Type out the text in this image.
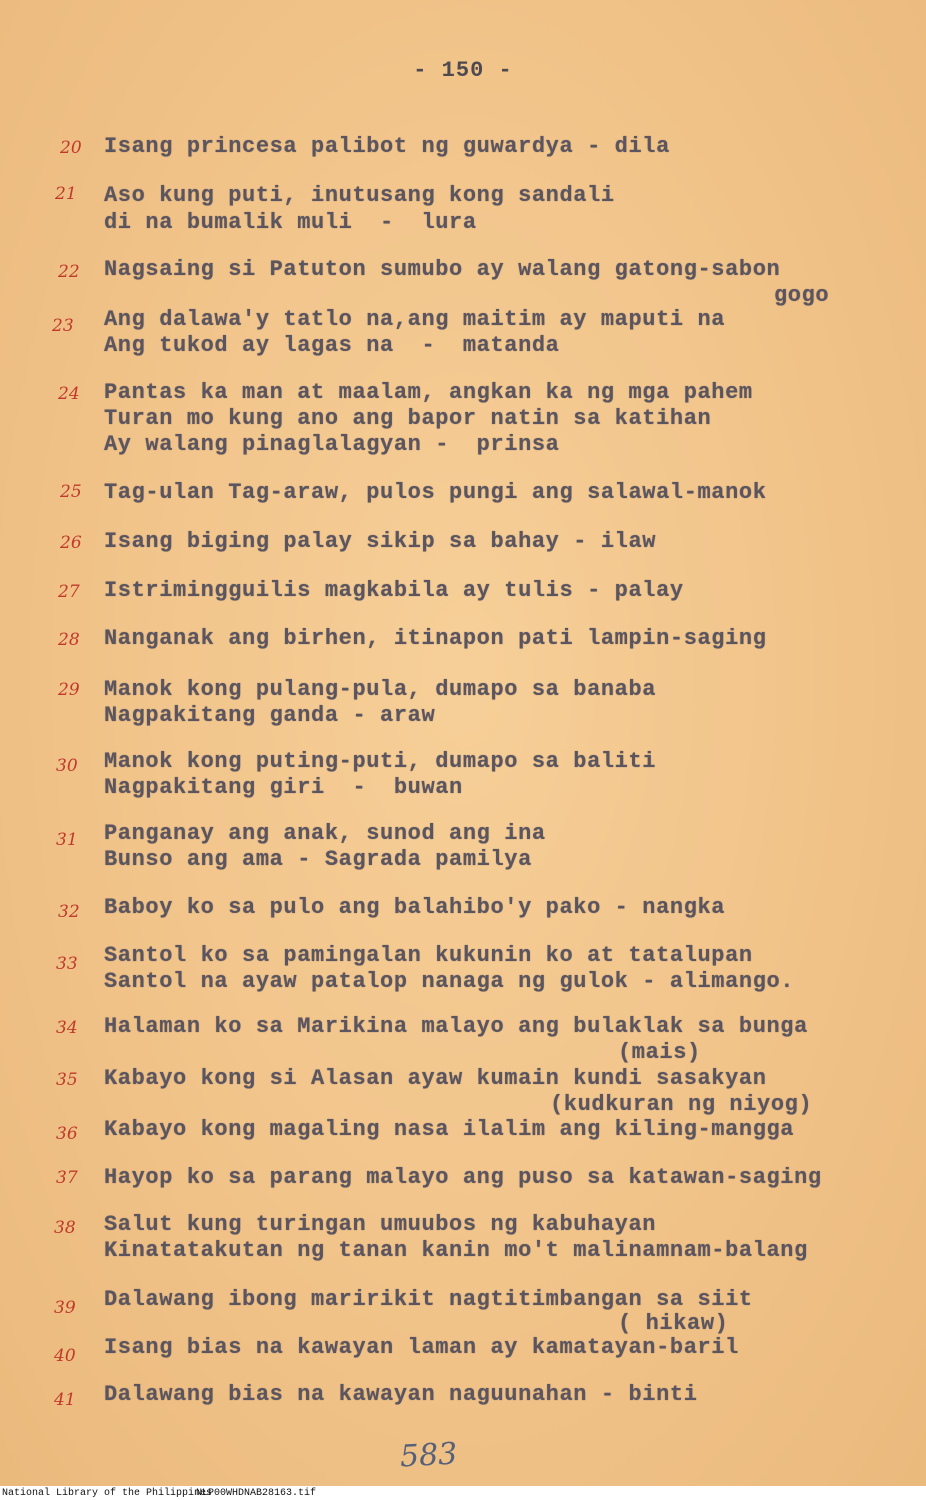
- 150 -
20 Isang princesa palibot ng guwardya - dila
21 Aso kung puti, inutusang kong sandali
di na bumalik muli  -  lura
22 Nagsaing si Patuton sumubo ay walang gatong-sabon
gogo
23 Ang dalawa'y tatlo na,ang maitim ay maputi na
Ang tukod ay lagas na  -  matanda
24 Pantas ka man at maalam, angkan ka ng mga pahem
Turan mo kung ano ang bapor natin sa katihan
Ay walang pinaglalagyan -  prinsa
25 Tag-ulan Tag-araw, pulos pungi ang salawal-manok
26 Isang biging palay sikip sa bahay - ilaw
27 Istrimingguilis magkabila ay tulis - palay
28 Nanganak ang birhen, itinapon pati lampin-saging
29 Manok kong pulang-pula, dumapo sa banaba
Nagpakitang ganda - araw
30 Manok kong puting-puti, dumapo sa baliti
Nagpakitang giri  -  buwan
31 Panganay ang anak, sunod ang ina
Bunso ang ama - Sagrada pamilya
32 Baboy ko sa pulo ang balahibo'y pako - nangka
33 Santol ko sa pamingalan kukunin ko at tatalupan
Santol na ayaw patalop nanaga ng gulok - alimango.
34 Halaman ko sa Marikina malayo ang bulaklak sa bunga
(mais)
35 Kabayo kong si Alasan ayaw kumain kundi sasakyan
(kudkuran ng niyog)
36 Kabayo kong magaling nasa ilalim ang kiling-mangga
37 Hayop ko sa parang malayo ang puso sa katawan-saging
38 Salut kung turingan umuubos ng kabuhayan
Kinatatakutan ng tanan kanin mo't malinamnam-balang
39 Dalawang ibong maririkit nagtitimbangan sa siit
( hikaw)
40 Isang bias na kawayan laman ay kamatayan-baril
41 Dalawang bias na kawayan naguunahan - binti
583
National Library of the Philippines
NLP00WHDNAB28163.tif
